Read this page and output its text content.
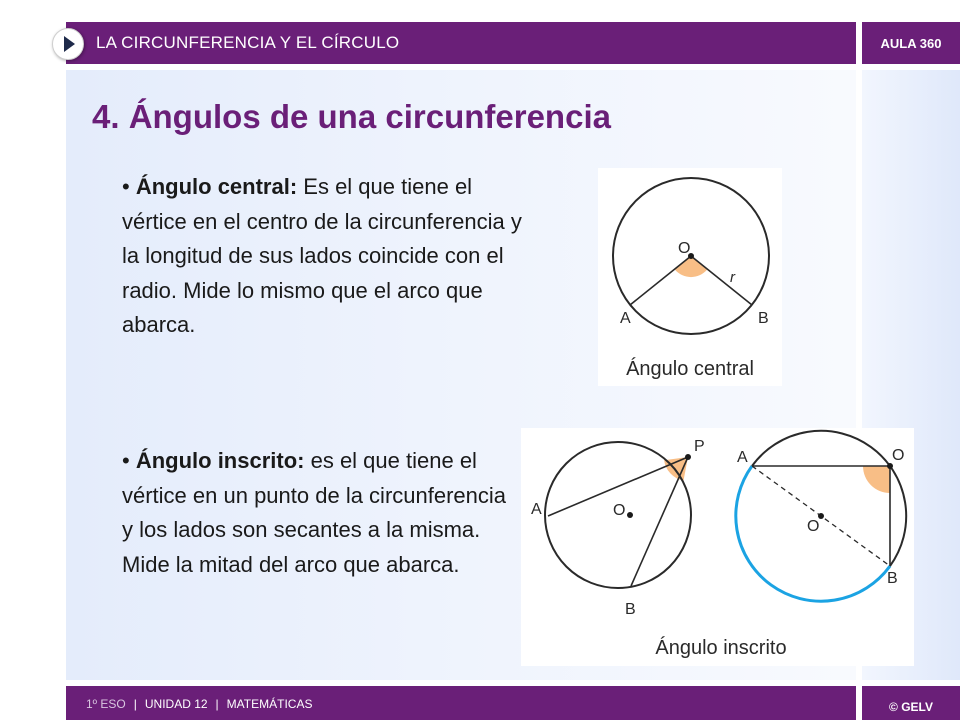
LA CIRCUNFERENCIA Y EL CÍRCULO	AULA 360
4. Ángulos de una circunferencia
• Ángulo central: Es el que tiene el vértice en el centro de la circunferencia y la longitud de sus lados coincide con el radio. Mide lo mismo que el arco que abarca.
• Ángulo inscrito: es el que tiene el vértice en un punto de la circunferencia y los lados son secantes a la misma. Mide la mitad del arco que abarca.
O
A	B
r
Ángulo central
P
A
B
O
A	O
O
B
Ángulo inscrito
1º ESO | UNIDAD 12 | MATEMÁTICAS	© GELV
